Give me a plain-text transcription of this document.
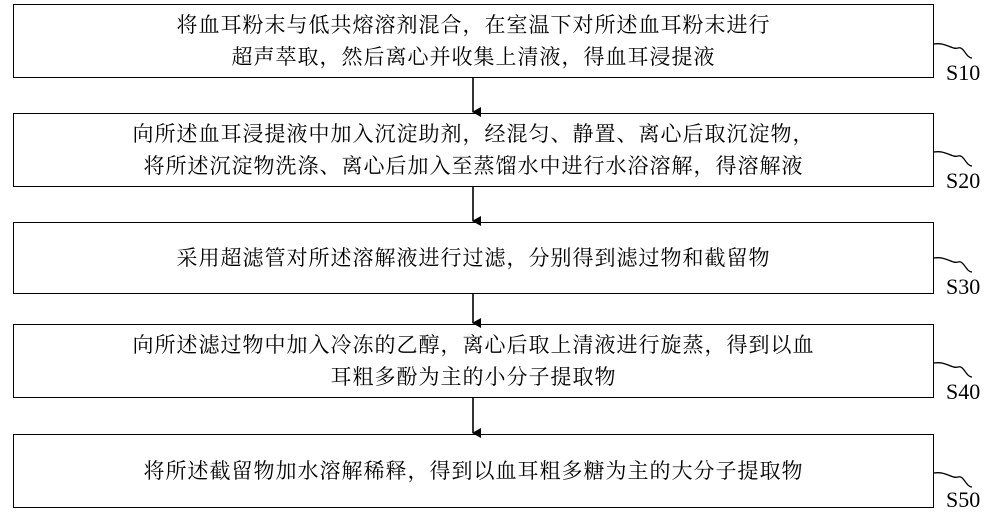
将血耳粉末与低共熔溶剂混合，在室温下对所述血耳粉末进行
超声萃取，然后离心并收集上清液，得血耳浸提液
向所述血耳浸提液中加入沉淀助剂，经混匀、静置、离心后取沉淀物，
将所述沉淀物洗涤、离心后加入至蒸馏水中进行水浴溶解，得溶解液
采用超滤管对所述溶解液进行过滤，分别得到滤过物和截留物
向所述滤过物中加入冷冻的乙醇，离心后取上清液进行旋蒸，得到以血
耳粗多酚为主的小分子提取物
将所述截留物加水溶解稀释，得到以血耳粗多糖为主的大分子提取物
S10
S20
S30
S40
S50
